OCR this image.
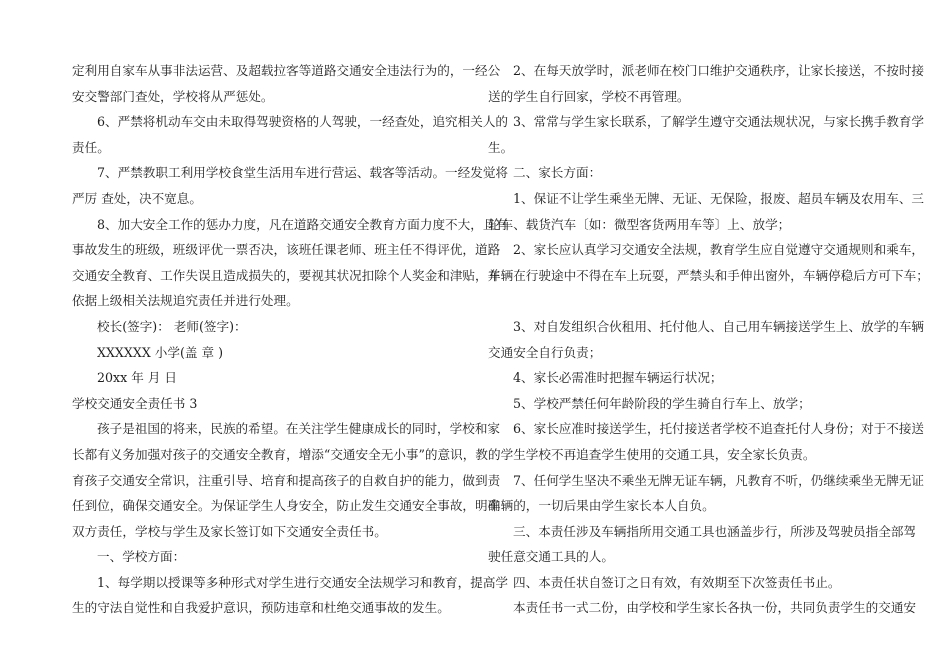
定利用自家车从事非法运营、及超载拉客等道路交通安全违法行为的，一经公
安交警部门查处，学校将从严惩处。
6、严禁将机动车交由未取得驾驶资格的人驾驶，一经查处，追究相关人的
责任。
7、严禁教职工利用学校食堂生活用车进行营运、载客等活动。一经发觉将
严厉 查处，决不宽息。
8、加大安全工作的惩办力度，凡在道路交通安全教育方面力度不大，且有
事故发生的班级，班级评优一票否决，该班任课老师、班主任不得评优，道路
交通安全教育、工作失误且造成损失的，要视其状况扣除个人奖金和津贴，并
依据上级相关法规追究责任并进行处理。
校长(签字)： 老师(签字)：
XXXXXX 小学(盖 章 )
20xx 年 月 日
学校交通安全责任书 3
孩子是祖国的将来，民族的希望。在关注学生健康成长的同时，学校和家
长都有义务加强对孩子的交通安全教育，增添“交通安全无小事”的意识，教
育孩子交通安全常识，注重引导、培育和提高孩子的自救自护的能力，做到责
任到位，确保交通安全。为保证学生人身安全，防止发生交通安全事故，明确
双方责任，学校与学生及家长签订如下交通安全责任书。
一、学校方面：
1、每学期以授课等多种形式对学生进行交通安全法规学习和教育，提高学
生的守法自觉性和自我爱护意识，预防违章和杜绝交通事故的发生。
2、在每天放学时，派老师在校门口维护交通秩序，让家长接送，不按时接
送的学生自行回家，学校不再管理。
3、常常与学生家长联系，了解学生遵守交通法规状况，与家长携手教育学
生。
二、家长方面：
1、保证不让学生乘坐无牌、无证、无保险，报废、超员车辆及农用车、三
轮车、载货汽车〔如：微型客货两用车等〕上、放学；
2、家长应认真学习交通安全法规，教育学生应自觉遵守交通规则和乘车，
车辆在行驶途中不得在车上玩耍，严禁头和手伸出窗外，车辆停稳后方可下车；
3、对自发组织合伙租用、托付他人、自己用车辆接送学生上、放学的车辆
交通安全自行负责；
4、家长必需准时把握车辆运行状况；
5、学校严禁任何年龄阶段的学生骑自行车上、放学；
6、家长应准时接送学生，托付接送者学校不追查托付人身份；对于不接送
的学生学校不再追查学生使用的交通工具，安全家长负责。
7、任何学生坚决不乘坐无牌无证车辆，凡教育不听，仍继续乘坐无牌无证
车辆的，一切后果由学生家长本人自负。
三、本责任涉及车辆指所用交通工具也涵盖步行，所涉及驾驶员指全部驾
驶任意交通工具的人。
四、本责任状自签订之日有效，有效期至下次签责任书止。
本责任书一式二份，由学校和学生家长各执一份，共同负责学生的交通安
